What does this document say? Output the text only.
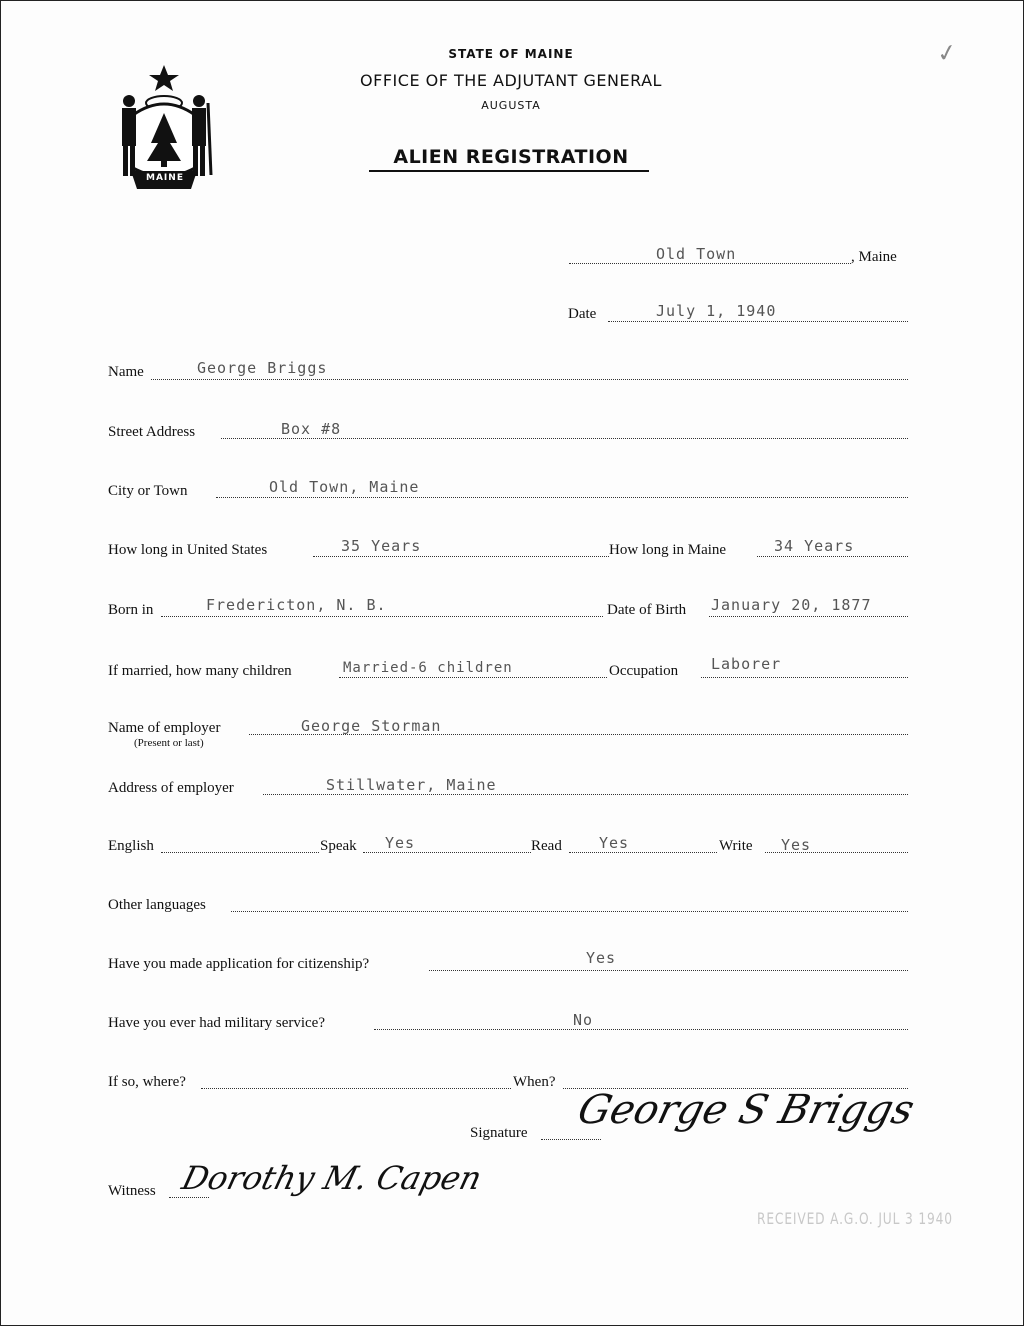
MAINE
STATE OF MAINE
OFFICE OF THE ADJUTANT GENERAL
AUGUSTA
ALIEN REGISTRATION
✓
Old Town	, Maine
Date	July 1, 1940
Name	George Briggs
Street Address	Box #8
City or Town	Old Town, Maine
How long in United States	35 Years	How long in Maine	34 Years
Born in	Fredericton, N. B.	Date of Birth January 20, 1877
If married, how many children	Married-6 children	Occupation Laborer
Name of employer
(Present or last)
George Storman
Address of employer	Stillwater, Maine
English	Speak Yes	Read Yes	Write Yes
Other languages
Have you made application for citizenship?	Yes
Have you ever had military service?	No
If so, where?	When?
Signature George S Briggs
Witness Dorothy M. Capen
RECEIVED A.G.O. JUL 3 1940
